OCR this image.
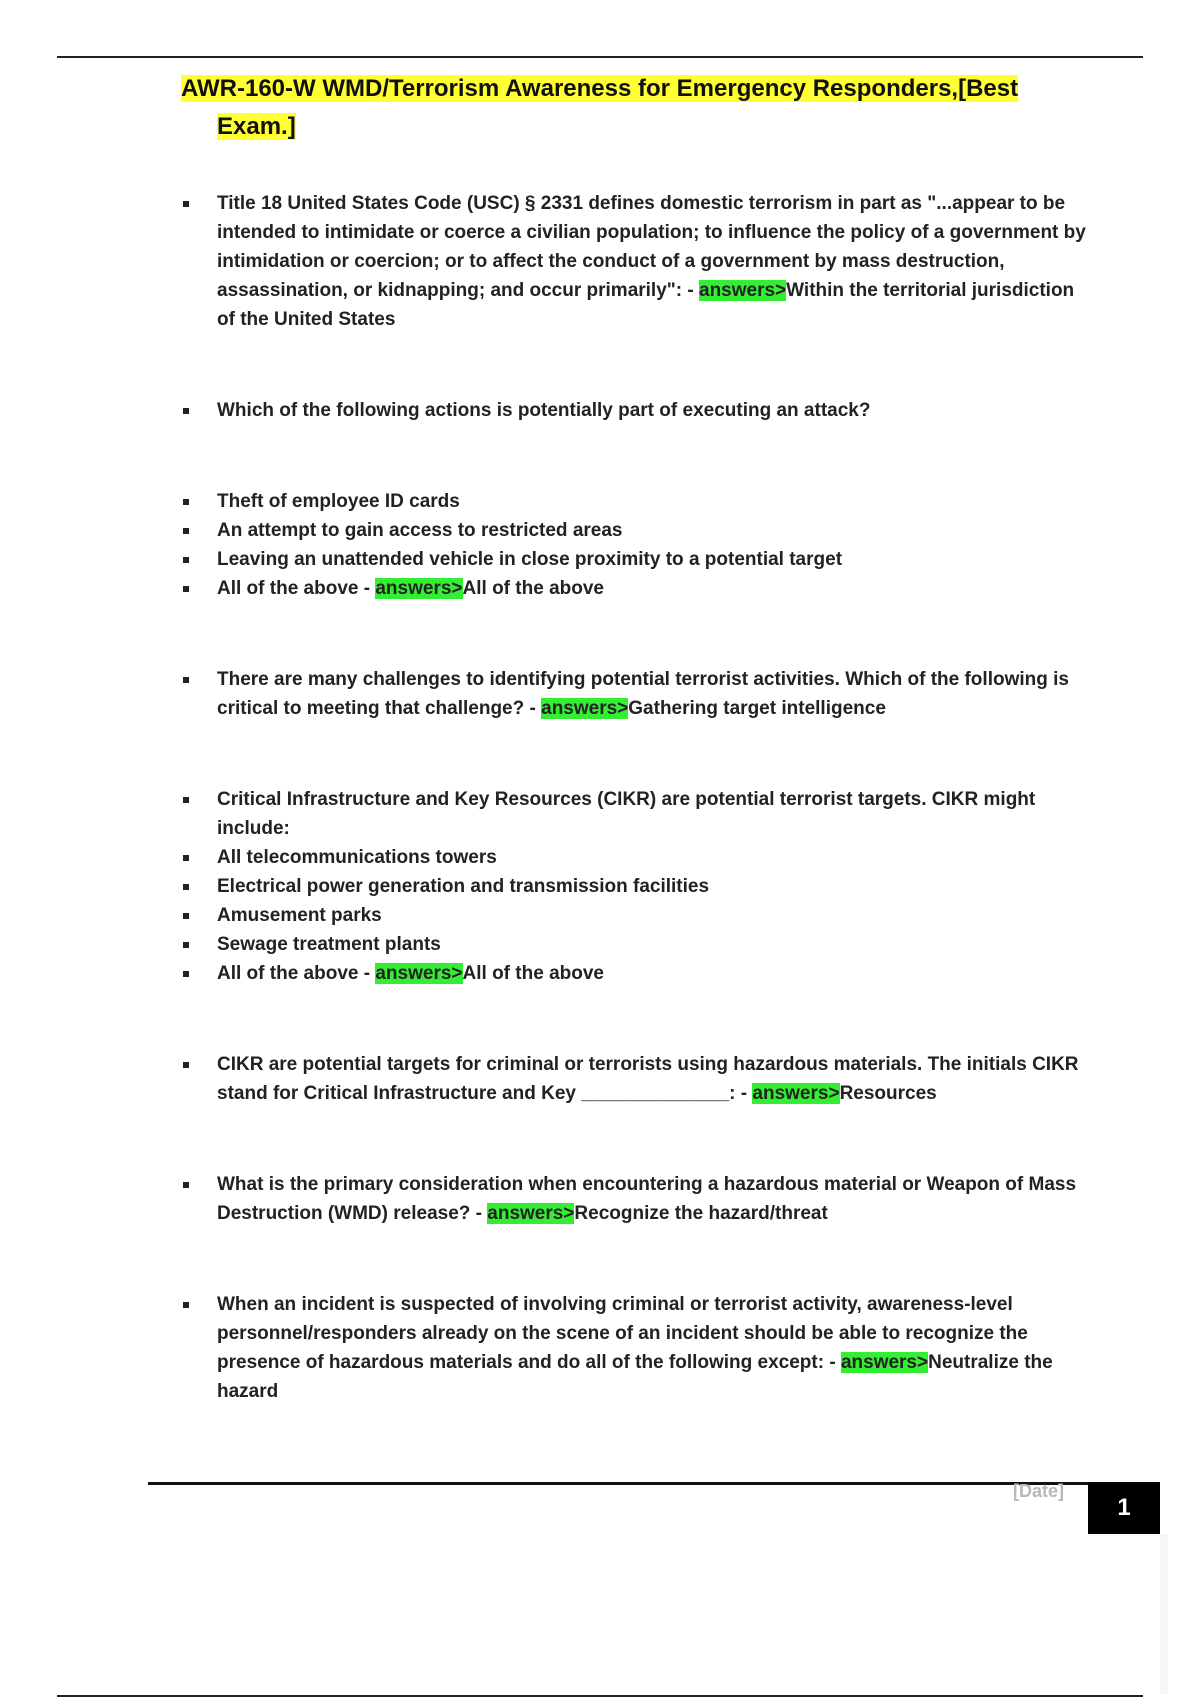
AWR-160-W WMD/Terrorism Awareness for Emergency Responders,[Best Exam.]
Title 18 United States Code (USC) § 2331 defines domestic terrorism in part as "...appear to be intended to intimidate or coerce a civilian population; to influence the policy of a government by intimidation or coercion; or to affect the conduct of a government by mass destruction, assassination, or kidnapping; and occur primarily": - answers>Within the territorial jurisdiction of the United States
Which of the following actions is potentially part of executing an attack?
Theft of employee ID cards
An attempt to gain access to restricted areas
Leaving an unattended vehicle in close proximity to a potential target
All of the above - answers>All of the above
There are many challenges to identifying potential terrorist activities. Which of the following is critical to meeting that challenge? - answers>Gathering target intelligence
Critical Infrastructure and Key Resources (CIKR) are potential terrorist targets. CIKR might include:
All telecommunications towers
Electrical power generation and transmission facilities
Amusement parks
Sewage treatment plants
All of the above - answers>All of the above
CIKR are potential targets for criminal or terrorists using hazardous materials. The initials CIKR stand for Critical Infrastructure and Key ______________: - answers>Resources
What is the primary consideration when encountering a hazardous material or Weapon of Mass Destruction (WMD) release? - answers>Recognize the hazard/threat
When an incident is suspected of involving criminal or terrorist activity, awareness-level personnel/responders already on the scene of an incident should be able to recognize the presence of hazardous materials and do all of the following except: - answers>Neutralize the hazard
[Date]
1
